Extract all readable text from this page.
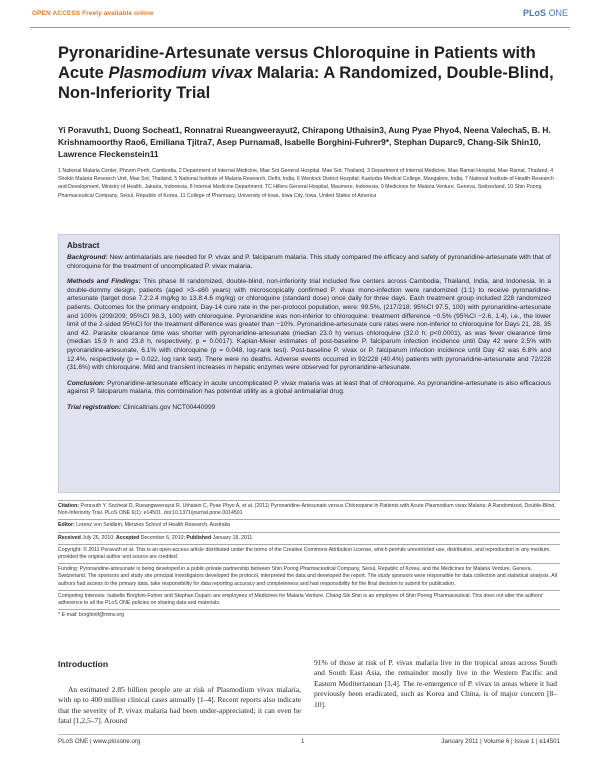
OPEN ACCESS Freely available online	PLoS ONE
Pyronaridine-Artesunate versus Chloroquine in Patients with Acute Plasmodium vivax Malaria: A Randomized, Double-Blind, Non-Inferiority Trial
Yi Poravuth1, Duong Socheat1, Ronnatrai Rueangweerayut2, Chirapong Uthaisin3, Aung Pyae Phyo4, Neena Valecha5, B. H. Krishnamoorthy Rao6, Emiliana Tjitra7, Asep Purnama8, Isabelle Borghini-Fuhrer9*, Stephan Duparc9, Chang-Sik Shin10, Lawrence Fleckenstein11
1 National Malaria Center, Phnom Penh, Cambodia, 2 Department of Internal Medicine, Mae Sot General Hospital, Mae Sot, Thailand, 3 Department of Internal Medicine, Mae Ramat Hospital, Mae Ramat, Thailand, 4 Shoklo Malaria Research Unit, Mae Sot, Thailand, 5 National Institute of Malaria Research, Delhi, India, 6 Wenlock District Hospital; Kasturba Medical College, Mangalore, India, 7 National Institute of Health Research and Development, Ministry of Health, Jakarta, Indonesia, 8 Internal Medicine Department, TC Hillers General Hospital, Maumere, Indonesia, 9 Medicines for Malaria Venture, Geneva, Switzerland, 10 Shin Poong Pharmaceutical Company, Seoul, Republic of Korea, 11 College of Pharmacy, University of Iowa, Iowa City, Iowa, United States of America
Abstract

Background: New antimalarials are needed for P. vivax and P. falciparum malaria. This study compared the efficacy and safety of pyronaridine-artesunate with that of chloroquine for the treatment of uncomplicated P. vivax malaria.

Methods and Findings: This phase III randomized, double-blind, non-inferiority trial included five centers across Cambodia, Thailand, India, and Indonesia. In a double-dummy design, patients (aged >3–≤60 years) with microscopically confirmed P. vivax mono-infection were randomized (1:1) to receive pyronaridine-artesunate (target dose 7.2:2.4 mg/kg to 13.8:4.6 mg/kg) or chloroquine (standard dose) once daily for three days. Each treatment group included 228 randomized patients. Outcomes for the primary endpoint, Day-14 cure rate in the per-protocol population, were: 99.5%, (217/218; 95%CI 97.5, 100) with pyronaridine-artesunate and 100% (209/209; 95%CI 98.3, 100) with chloroquine. Pyronaridine was non-inferior to chloroquine: treatment difference −0.5% (95%CI −2.6, 1.4), i.e., the lower limit of the 2-sided 95%CI for the treatment difference was greater than −10%. Pyronaridine-artesunate cure rates were non-inferior to chloroquine for Days 21, 28, 35 and 42. Parasite clearance time was shorter with pyronaridine-artesunate (median 23.0 h) versus chloroquine (32.0 h; p<0.0001), as was fever clearance time (median 15.9 h and 23.8 h, respectively; p = 0.0017). Kaplan-Meier estimates of post-baseline P. falciparum infection incidence until Day 42 were 2.5% with pyronaridine-artesunate, 6.1% with chloroquine (p = 0.048, log-rank test). Post-baseline P. vivax or P. falciparum infection incidence until Day 42 was 6.8% and 12.4%, respectively (p = 0.022, log rank test). There were no deaths. Adverse events occurred in 92/228 (40.4%) patients with pyronaridine-artesunate and 72/228 (31.6%) with chloroquine. Mild and transient increases in hepatic enzymes were observed for pyronaridine-artesunate.

Conclusion: Pyronaridine-artesunate efficacy in acute uncomplicated P. vivax malaria was at least that of chloroquine. As pyronaridine-artesunate is also efficacious against P. falciparum malaria, this combination has potential utility as a global antimalarial drug.

Trial registration: Clinicaltrials.gov NCT00440999

Citation: Poravuth Y, Socheat D, Rueangweerayut R, Uthaisin C, Pyae Phyo A, et al. (2011) Pyronaridine-Artesunate versus Chloroquine in Patients with Acute Plasmodium vivax Malaria: A Randomized, Double-Blind, Non-Inferiority Trial. PLoS ONE 6(1): e14501. doi:10.1371/journal.pone.0014501
Editor: Lorenz von Seidlein, Menzies School of Health Research, Australia
Received July 26, 2010; Accepted December 6, 2010; Published January 18, 2011
Copyright: © 2011 Poravuth et al. This is an open-access article distributed under the terms of the Creative Commons Attribution License, which permits unrestricted use, distribution, and reproduction in any medium, provided the original author and source are credited.
Funding: Pyronaridine-artesunate is being developed in a public-private partnership between Shin Poong Pharmaceutical Company, Seoul, Republic of Korea, and the Medicines for Malaria Venture, Geneva, Switzerland. The sponsors and study site principal investigators developed the protocol, interpreted the data and developed the report. The study sponsors were responsible for data collection and statistical analysis. All authors had access to the primary data, take responsibility for data reporting accuracy and completeness and had responsibility for the final decision to submit for publication.
Competing Interests: Isabelle Borghini-Fuhrer and Stephan Duparc are employees of Medicines for Malaria Venture. Chang-Sik Shin is an employee of Shin Poong Pharmaceutical. This does not alter the authors' adherence to all the PLoS ONE policies on sharing data and materials.
* E-mail: borghinif@mmv.org
Introduction
An estimated 2.85 billion people are at risk of Plasmodium vivax malaria, with up to 400 million clinical cases annually [1–4]. Recent reports also indicate that the severity of P. vivax malaria had been under-appreciated; it can even be fatal [1,2,5–7]. Around
91% of those at risk of P. vivax malaria live in the tropical areas across South and South East Asia, the remainder mostly live in the Western Pacific and Eastern Mediterranean [3,4]. The re-emergence of P. vivax in areas where it had previously been eradicated, such as Korea and China, is of major concern [8–10].
PLoS ONE | www.plosone.org	1	January 2011 | Volume 6 | Issue 1 | e14501
